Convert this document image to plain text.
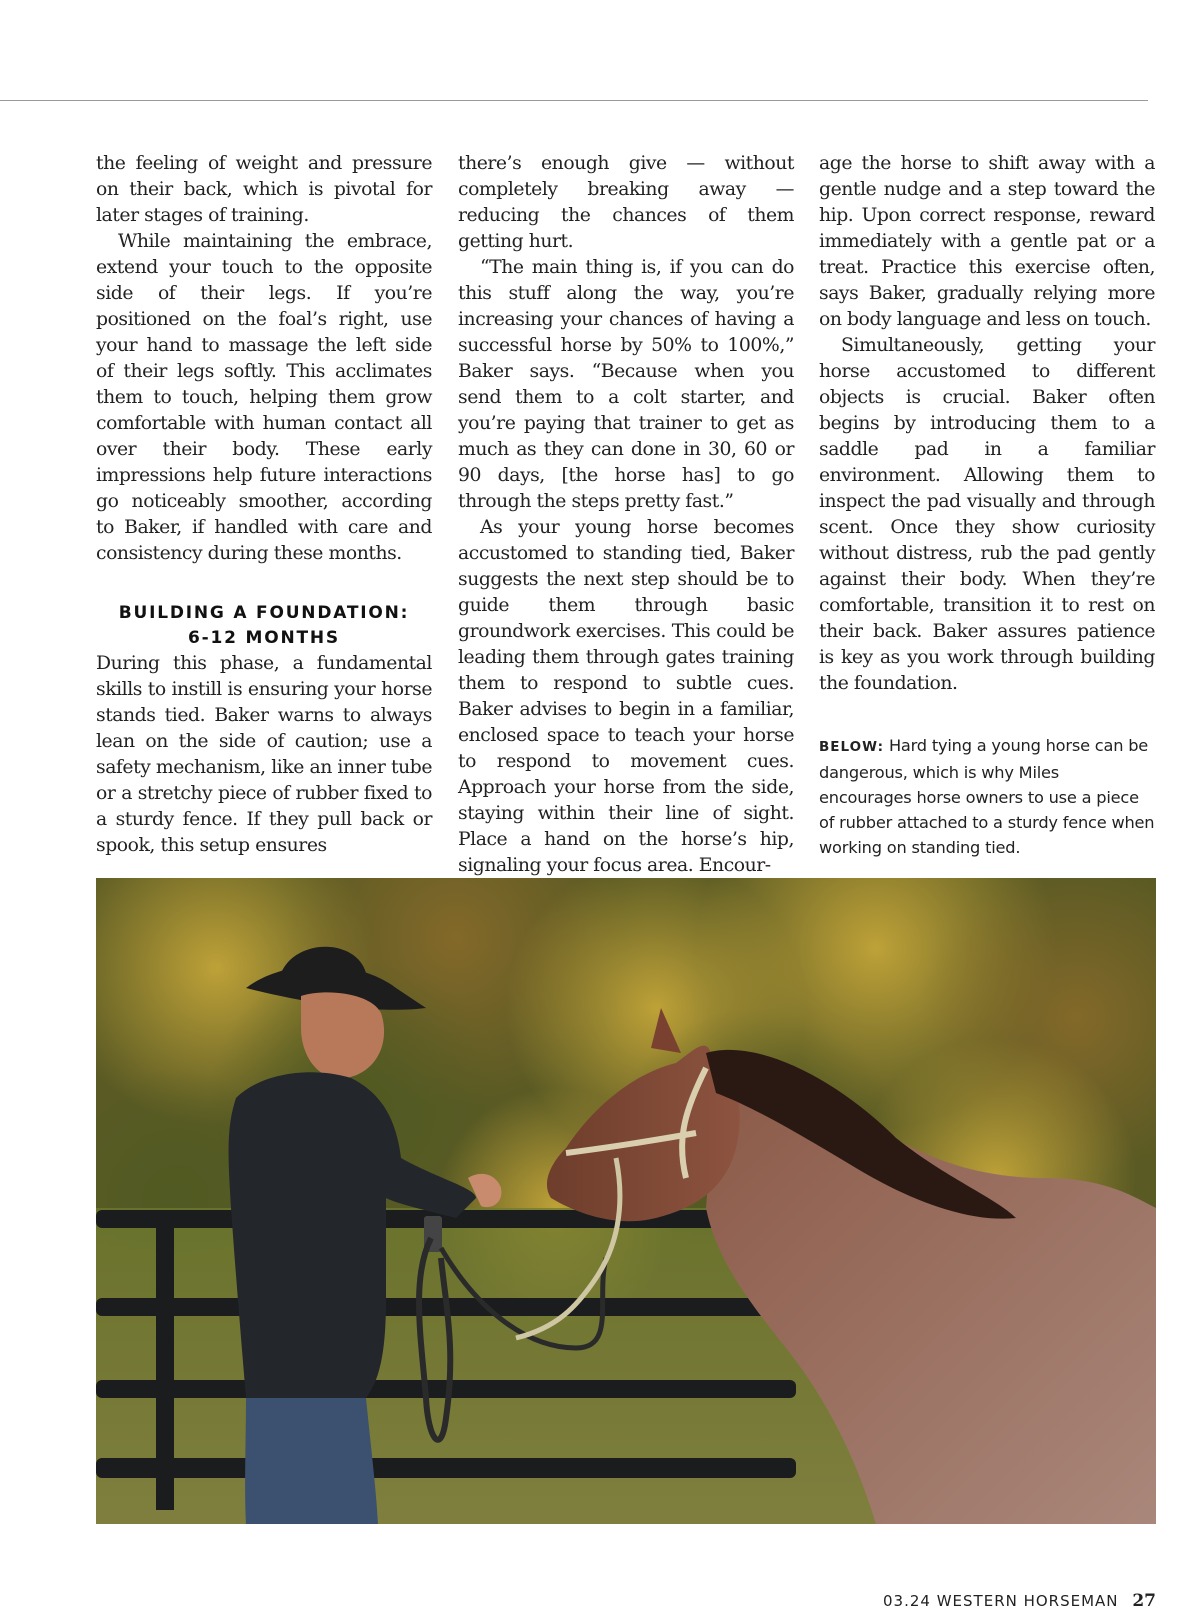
the feeling of weight and pressure on their back, which is pivotal for later stages of training.

While maintaining the embrace, extend your touch to the opposite side of their legs. If you’re positioned on the foal’s right, use your hand to massage the left side of their legs softly. This acclimates them to touch, helping them grow comfortable with human contact all over their body. These early impressions help future interactions go noticeably smoother, according to Baker, if handled with care and consistency during these months.

BUILDING A FOUNDATION:
6-12 MONTHS

During this phase, a fundamental skills to instill is ensuring your horse stands tied. Baker warns to always lean on the side of caution; use a safety mechanism, like an inner tube or a stretchy piece of rubber fixed to a sturdy fence. If they pull back or spook, this setup ensures

there’s enough give — without completely breaking away — reducing the chances of them getting hurt.

“The main thing is, if you can do this stuff along the way, you’re increasing your chances of having a successful horse by 50% to 100%,” Baker says. “Because when you send them to a colt starter, and you’re paying that trainer to get as much as they can done in 30, 60 or 90 days, [the horse has] to go through the steps pretty fast.”

As your young horse becomes accustomed to standing tied, Baker suggests the next step should be to guide them through basic groundwork exercises. This could be leading them through gates training them to respond to subtle cues. Baker advises to begin in a familiar, enclosed space to teach your horse to respond to movement cues. Approach your horse from the side, staying within their line of sight. Place a hand on the horse’s hip, signaling your focus area. Encour-

age the horse to shift away with a gentle nudge and a step toward the hip. Upon correct response, reward immediately with a gentle pat or a treat. Practice this exercise often, says Baker, gradually relying more on body language and less on touch.

Simultaneously, getting your horse accustomed to different objects is crucial. Baker often begins by introducing them to a saddle pad in a familiar environment. Allowing them to inspect the pad visually and through scent. Once they show curiosity without distress, rub the pad gently against their body. When they’re comfortable, transition it to rest on their back. Baker assures patience is key as you work through building the foundation.

BELOW: Hard tying a young horse can be dangerous, which is why Miles encourages horse owners to use a piece of rubber attached to a sturdy fence when working on standing tied.
03.24 WESTERN HORSEMAN 27
